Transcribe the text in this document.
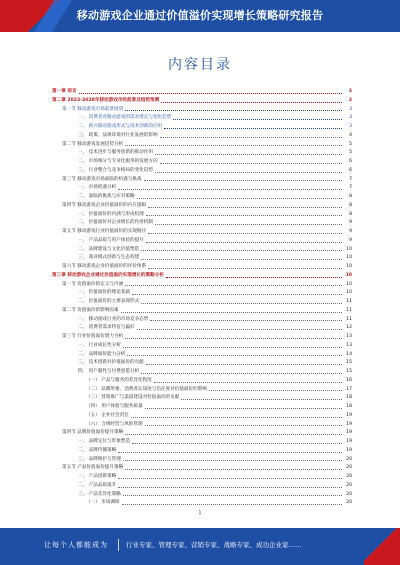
移动游戏企业通过价值溢价实现增长策略研究报告
内容目录
第一章 前言	3
第二章 2023-2028年移动游戏市场前景及趋势预测	3
第一节 移动游戏市场前景展望	3
一、 消费者对移动游戏的需求增长与变化趋势	3
二、 新兴移动游戏形式与技术创新的应用	3
三、 政策、法规环境对行业发展的影响	4
第二节 移动游戏发展趋势分析	5
一、 技术进步与服务创新的推动作用	5
二、 市场细分与专业化服务的发展方向	6
三、 行业整合与竞争格局的变化趋势	6
第三节 移动游戏市场面临的机遇与挑战	7
一、 市场机遇分析	7
二、 面临的挑战与应对策略	8
第四节 移动游戏企业价值溢价的内在逻辑	8
一、 价值溢价的内涵与形成机理	8
二、 价值溢价对企业增长的作用机制	9
第五节 移动游戏行业价值溢价的实现路径	9
一、 产品品质与用户体验的提升	9
二、 品牌建设与文化价值塑造	10
三、 商业模式创新与生态构建	10
第六节 移动游戏企业价值溢价的评价体系	10
第三章 移动游戏企业通过价值溢价实现增长的策略分析	10
第一节 价值溢价的定义与内涵	10
一、 价值溢价的理论基础	10
二、 价值溢价的主要表现形式	11
第二节 价值溢价的影响因素	11
一、 移动游戏行业的市场竞争态势	11
二、 消费者需求特征与偏好	12
第三节 行业价值溢价潜力分析	13
一、 行业成长性分析	13
二、 品牌溢价能力分析	14
三、 技术创新对价值溢价的贡献	15
四、 用户黏性与付费意愿分析	15
（一） 产品与服务的差异化程度	16
（二） 品牌形象、消费者认知度与信任度对价值溢价的影响	17
（三） 营销推广与渠道建设对价值溢价的贡献	18
（四） 用户体验与服务质量	18
（五） 企业社会责任	19
（六） 合规经营与风险管理	19
第四节 品牌价值溢价提升策略	19
一、 品牌定位与形象塑造	19
二、 品牌传播策略	19
三、 品牌维护与管理	20
第五节 产品价值溢价提升策略	20
一、 产品创新策略	20
二、 产品品质提升	20
三、 产品差异化策略	20
（一） 市场调研	20
1
让每个人都能成为	行业专家、管理专家、营销专家、战略专家、成功企业家……
